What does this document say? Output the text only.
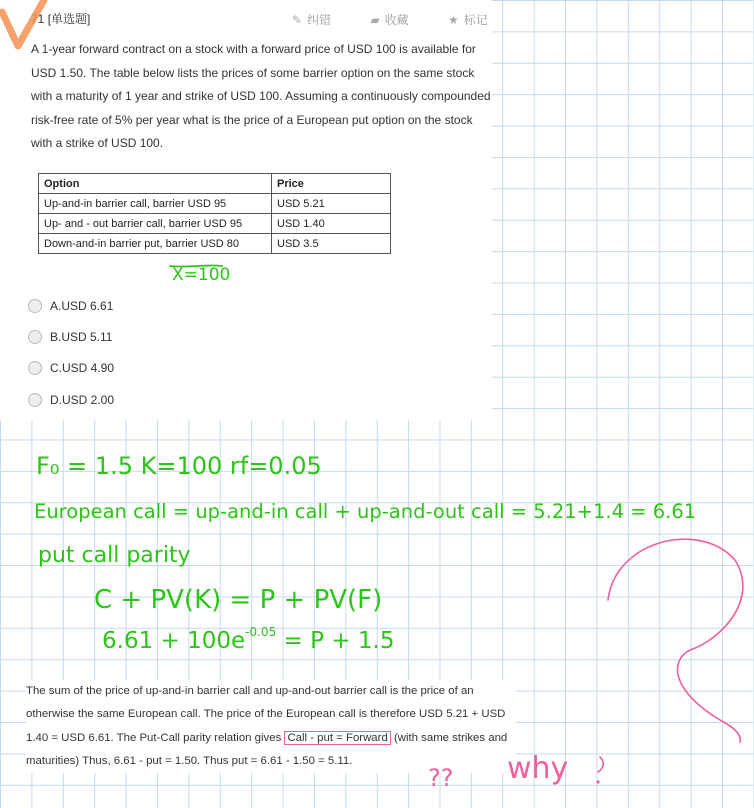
71 [单选题]	✎ 纠错	▰ 收藏	★ 标记
A 1-year forward contract on a stock with a forward price of USD 100 is available for USD 1.50. The table below lists the prices of some barrier option on the same stock with a maturity of 1 year and strike of USD 100. Assuming a continuously compounded risk-free rate of 5% per year what is the price of a European put option on the stock with a strike of USD 100.
Option	Price
Up-and-in barrier call, barrier USD 95	USD 5.21
Up- and - out barrier call, barrier USD 95	USD 1.40
Down-and-in barrier put, barrier USD 80	USD 3.5
A.USD 6.61
B.USD 5.11
C.USD 4.90
D.USD 2.00
The sum of the price of up-and-in barrier call and up-and-out barrier call is the price of an otherwise the same European call. The price of the European call is therefore USD 5.21 + USD 1.40 = USD 6.61. The Put-Call parity relation gives Call - put = Forward (with same strikes and maturities) Thus, 6.61 - put = 1.50. Thus put = 6.61 - 1.50 = 5.11.
X=100
F₀ = 1.5 K=100 rf=0.05
European call = up-and-in call + up-and-out call = 5.21+1.4 = 6.61
put call parity
C + PV(K) = P + PV(F)
$6.61 + 100e^{-0.05} = P + 1.5$
why
??
